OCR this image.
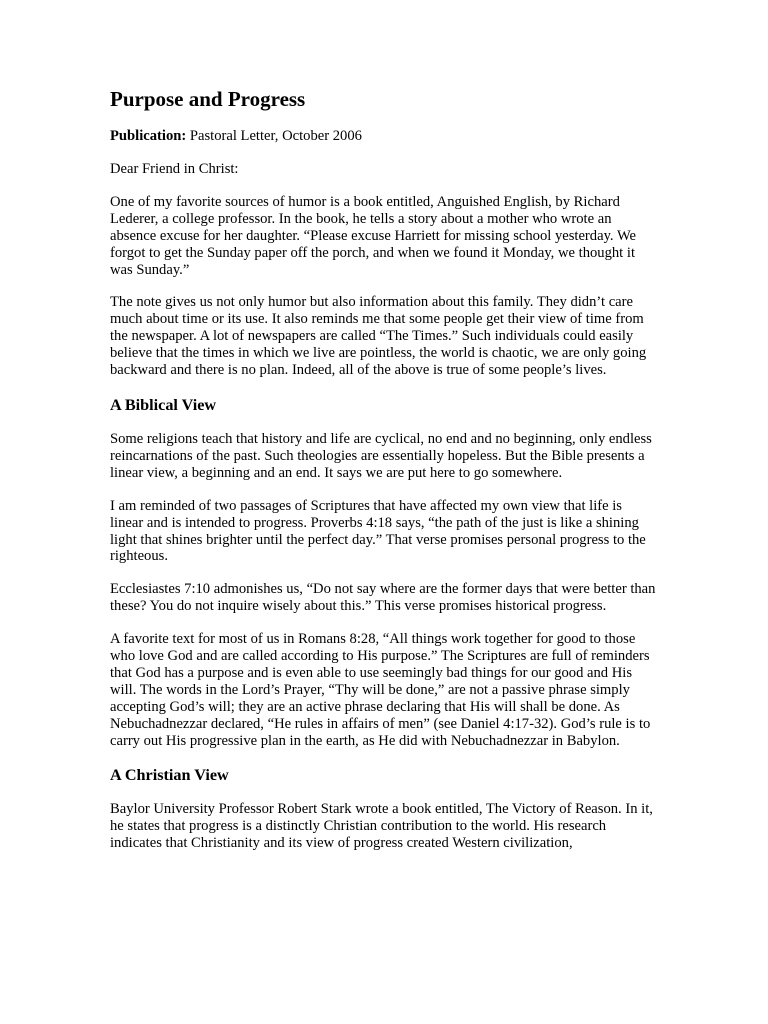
Purpose and Progress
Publication: Pastoral Letter, October 2006

Dear Friend in Christ:

One of my favorite sources of humor is a book entitled, Anguished English, by Richard Lederer, a college professor. In the book, he tells a story about a mother who wrote an absence excuse for her daughter. “Please excuse Harriett for missing school yesterday. We forgot to get the Sunday paper off the porch, and when we found it Monday, we thought it was Sunday.”

The note gives us not only humor but also information about this family. They didn’t care much about time or its use. It also reminds me that some people get their view of time from the newspaper. A lot of newspapers are called “The Times.” Such individuals could easily believe that the times in which we live are pointless, the world is chaotic, we are only going backward and there is no plan. Indeed, all of the above is true of some people’s lives.

A Biblical View

Some religions teach that history and life are cyclical, no end and no beginning, only endless reincarnations of the past. Such theologies are essentially hopeless. But the Bible presents a linear view, a beginning and an end. It says we are put here to go somewhere.

I am reminded of two passages of Scriptures that have affected my own view that life is linear and is intended to progress. Proverbs 4:18 says, “the path of the just is like a shining light that shines brighter until the perfect day.” That verse promises personal progress to the righteous.

Ecclesiastes 7:10 admonishes us, “Do not say where are the former days that were better than these? You do not inquire wisely about this.” This verse promises historical progress.

A favorite text for most of us in Romans 8:28, “All things work together for good to those who love God and are called according to His purpose.” The Scriptures are full of reminders that God has a purpose and is even able to use seemingly bad things for our good and His will. The words in the Lord’s Prayer, “Thy will be done,” are not a passive phrase simply accepting God’s will; they are an active phrase declaring that His will shall be done. As Nebuchadnezzar declared, “He rules in affairs of men” (see Daniel 4:17-32). God’s rule is to carry out His progressive plan in the earth, as He did with Nebuchadnezzar in Babylon.

A Christian View

Baylor University Professor Robert Stark wrote a book entitled, The Victory of Reason. In it, he states that progress is a distinctly Christian contribution to the world. His research indicates that Christianity and its view of progress created Western civilization,
